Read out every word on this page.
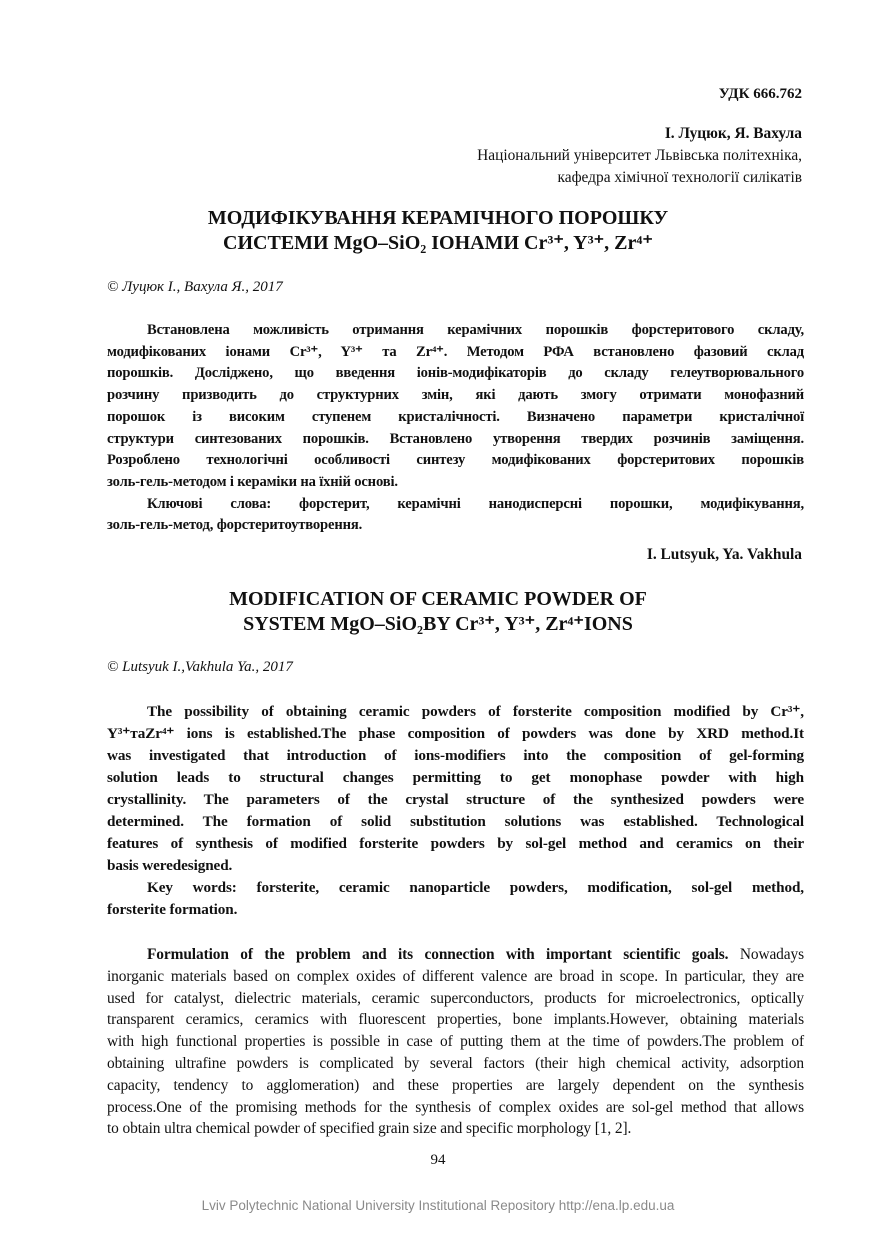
УДК 666.762
І. Луцюк, Я. Вахула
Національний університет Львівська політехніка,
кафедра хімічної технології силікатів
МОДИФІКУВАННЯ КЕРАМІЧНОГО ПОРОШКУ
СИСТЕМИ MgO–SiO₂ ІОНАМИ Cr³⁺, Y³⁺, Zr⁴⁺
© Луцюк І., Вахула Я., 2017
Встановлена можливість отримання керамічних порошків форстеритового складу,
модифікованих іонами Cr³⁺, Y³⁺ та Zr⁴⁺. Методом РФА встановлено фазовий склад
порошків. Досліджено, що введення іонів-модифікаторів до складу гелеутворювального
розчину призводить до структурних змін, які дають змогу отримати монофазний
порошок із високим ступенем кристалічності. Визначено параметри кристалічної
структури синтезованих порошків. Встановлено утворення твердих розчинів заміщення.
Розроблено технологічні особливості синтезу модифікованих форстеритових порошків
золь-гель-методом і кераміки на їхній основі.
Ключові слова: форстерит, керамічні нанодисперсні порошки, модифікування,
золь-гель-метод, форстеритоутворення.
I. Lutsyuk, Ya. Vakhula
MODIFICATION OF CERAMIC POWDER OF
SYSTEM MgO–SiO₂BY Cr³⁺, Y³⁺, Zr⁴⁺IONS
© Lutsyuk I.,Vakhula Ya., 2017
The possibility of obtaining ceramic powders of forsterite composition modified by Cr³⁺,
Y³⁺таZr⁴⁺ ions is established.The phase composition of powders was done by XRD method.It
was investigated that introduction of ions-modifiers into the composition of gel-forming
solution leads to structural changes permitting to get monophase powder with high
crystallinity. The parameters of the crystal structure of the synthesized powders were
determined. The formation of solid substitution solutions was established. Technological
features of synthesis of modified forsterite powders by sol-gel method and ceramics on their
basis weredesigned.
Key words: forsterite, ceramic nanoparticle powders, modification, sol-gel method,
forsterite formation.
Formulation of the problem and its connection with important scientific goals. Nowadays
inorganic materials based on complex oxides of different valence are broad in scope. In particular, they are
used for catalyst, dielectric materials, ceramic superconductors, products for microelectronics, optically
transparent ceramics, ceramics with fluorescent properties, bone implants.However, obtaining materials
with high functional properties is possible in case of putting them at the time of powders.The problem of
obtaining ultrafine powders is complicated by several factors (their high chemical activity, adsorption
capacity, tendency to agglomeration) and these properties are largely dependent on the synthesis
process.One of the promising methods for the synthesis of complex oxides are sol-gel method that allows
to obtain ultra chemical powder of specified grain size and specific morphology [1, 2].
94
Lviv Polytechnic National University Institutional Repository http://ena.lp.edu.ua
